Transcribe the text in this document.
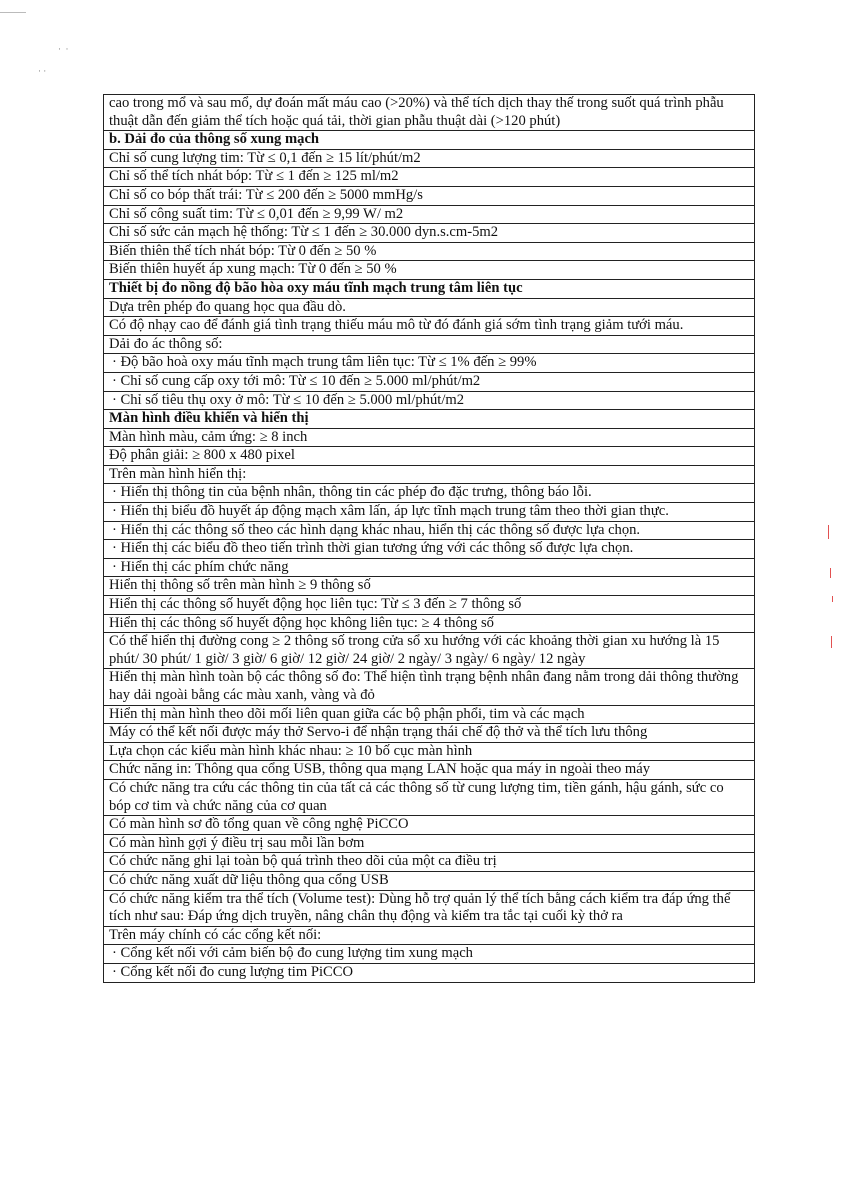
·  ·
· ·
cao trong mổ và sau mổ, dự đoán mất máu cao (>20%) và thể tích dịch thay thế trong suốt quá trình phẫu thuật dẫn đến giảm thể tích hoặc quá tải, thời gian phẫu thuật dài (>120 phút)
b. Dải đo của thông số xung mạch
Chỉ số cung lượng tim: Từ ≤ 0,1 đến ≥ 15 lít/phút/m2
Chỉ số thể tích nhát bóp: Từ ≤ 1 đến ≥ 125 ml/m2
Chỉ số co bóp thất trái: Từ ≤ 200 đến ≥ 5000 mmHg/s
Chỉ số công suất tim: Từ ≤ 0,01 đến ≥ 9,99 W/ m2
Chỉ số sức cản mạch hệ thống: Từ ≤ 1 đến ≥ 30.000 dyn.s.cm-5m2
Biến thiên thể tích nhát bóp: Từ 0 đến ≥ 50 %
Biến thiên huyết áp xung mạch: Từ 0 đến ≥ 50 %
Thiết bị đo nồng độ bão hòa oxy máu tĩnh mạch trung tâm liên tục
Dựa trên phép đo quang học qua đầu dò.
Có độ nhạy cao để đánh giá tình trạng thiếu máu mô từ đó đánh giá sớm tình trạng giảm tưới máu.
Dải đo ác thông số:
· Độ bão hoà oxy máu tĩnh mạch trung tâm liên tục: Từ ≤ 1% đến ≥ 99%
· Chỉ số cung cấp oxy tới mô: Từ ≤ 10 đến ≥ 5.000 ml/phút/m2
· Chỉ số tiêu thụ oxy ở mô: Từ ≤ 10 đến ≥ 5.000 ml/phút/m2
Màn hình điều khiển và hiển thị
Màn hình màu, cảm ứng: ≥ 8 inch
Độ phân giải: ≥ 800 x 480 pixel
Trên màn hình hiển thị:
· Hiển thị thông tin của bệnh nhân, thông tin các phép đo đặc trưng, thông báo lỗi.
· Hiển thị biểu đồ huyết áp động mạch xâm lấn, áp lực tĩnh mạch trung tâm theo thời gian thực.
· Hiển thị các thông số theo các hình dạng khác nhau, hiển thị các thông số được lựa chọn.
· Hiển thị các biểu đồ theo tiến trình thời gian tương ứng với các thông số được lựa chọn.
· Hiển thị các phím chức năng
Hiển thị thông số trên màn hình ≥ 9 thông số
Hiển thị các thông số huyết động học liên tục: Từ ≤ 3 đến ≥ 7 thông số
Hiển thị các thông số huyết động học không liên tục: ≥ 4 thông số
Có thể hiển thị đường cong ≥ 2 thông số trong cửa sổ xu hướng với các khoảng thời gian xu hướng là 15 phút/ 30 phút/ 1 giờ/ 3 giờ/ 6 giờ/ 12 giờ/ 24 giờ/ 2 ngày/ 3 ngày/ 6 ngày/ 12 ngày
Hiển thị màn hình toàn bộ các thông số đo: Thể hiện tình trạng bệnh nhân đang nằm trong dải thông thường hay dải ngoài bằng các màu xanh, vàng và đỏ
Hiển thị màn hình theo dõi mối liên quan giữa các bộ phận phổi, tim và các mạch
Máy có thể kết nối được máy thở Servo-i để nhận trạng thái chế độ thở và thể tích lưu thông
Lựa chọn các kiểu màn hình khác nhau: ≥ 10 bố cục màn hình
Chức năng in: Thông qua cổng USB, thông qua mạng LAN hoặc qua máy in ngoài theo máy
Có chức năng tra cứu các thông tin của tất cả các thông số từ cung lượng tim, tiền gánh, hậu gánh, sức co bóp cơ tim và chức năng của cơ quan
Có màn hình sơ đồ tổng quan về công nghệ PiCCO
Có màn hình gợi ý điều trị sau mỗi lần bơm
Có chức năng ghi lại toàn bộ quá trình theo dõi của một ca điều trị
Có chức năng xuất dữ liệu thông qua cổng USB
Có chức năng kiểm tra thể tích (Volume test): Dùng hỗ trợ quản lý thể tích bằng cách kiểm tra đáp ứng thể tích như sau: Đáp ứng dịch truyền, nâng chân thụ động và kiểm tra tắc tại cuối kỳ thở ra
Trên máy chính có các cổng kết nối:
· Cổng kết nối với cảm biến bộ đo cung lượng tim xung mạch
· Cổng kết nối đo cung lượng tim PiCCO
